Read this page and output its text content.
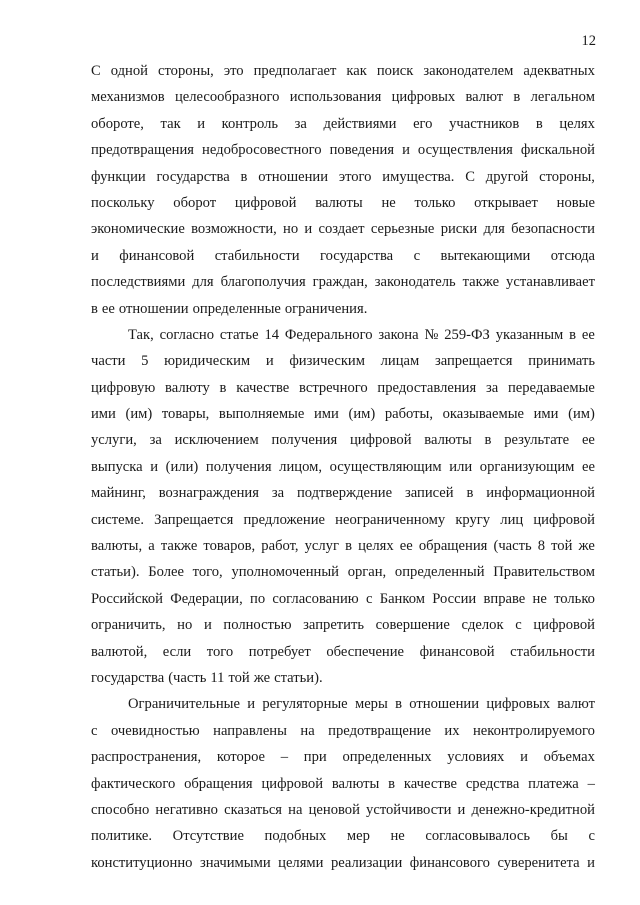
12
С одной стороны, это предполагает как поиск законодателем адекватных
механизмов целесообразного использования цифровых валют в легальном
обороте, так и контроль за действиями его участников в целях
предотвращения недобросовестного поведения и осуществления фискальной
функции государства в отношении этого имущества. С другой стороны,
поскольку оборот цифровой валюты не только открывает новые
экономические возможности, но и создает серьезные риски для безопасности
и финансовой стабильности государства с вытекающими отсюда
последствиями для благополучия граждан, законодатель также устанавливает
в ее отношении определенные ограничения.
Так, согласно статье 14 Федерального закона № 259-ФЗ указанным в ее
части 5 юридическим и физическим лицам запрещается принимать
цифровую валюту в качестве встречного предоставления за передаваемые
ими (им) товары, выполняемые ими (им) работы, оказываемые ими (им)
услуги, за исключением получения цифровой валюты в результате ее
выпуска и (или) получения лицом, осуществляющим или организующим ее
майнинг, вознаграждения за подтверждение записей в информационной
системе. Запрещается предложение неограниченному кругу лиц цифровой
валюты, а также товаров, работ, услуг в целях ее обращения (часть 8 той же
статьи). Более того, уполномоченный орган, определенный Правительством
Российской Федерации, по согласованию с Банком России вправе не только
ограничить, но и полностью запретить совершение сделок с цифровой
валютой, если того потребует обеспечение финансовой стабильности
государства (часть 11 той же статьи).
Ограничительные и регуляторные меры в отношении цифровых валют
с очевидностью направлены на предотвращение их неконтролируемого
распространения, которое – при определенных условиях и объемах
фактического обращения цифровой валюты в качестве средства платежа –
способно негативно сказаться на ценовой устойчивости и денежно-кредитной
политике. Отсутствие подобных мер не согласовывалось бы с
конституционно значимыми целями реализации финансового суверенитета и
